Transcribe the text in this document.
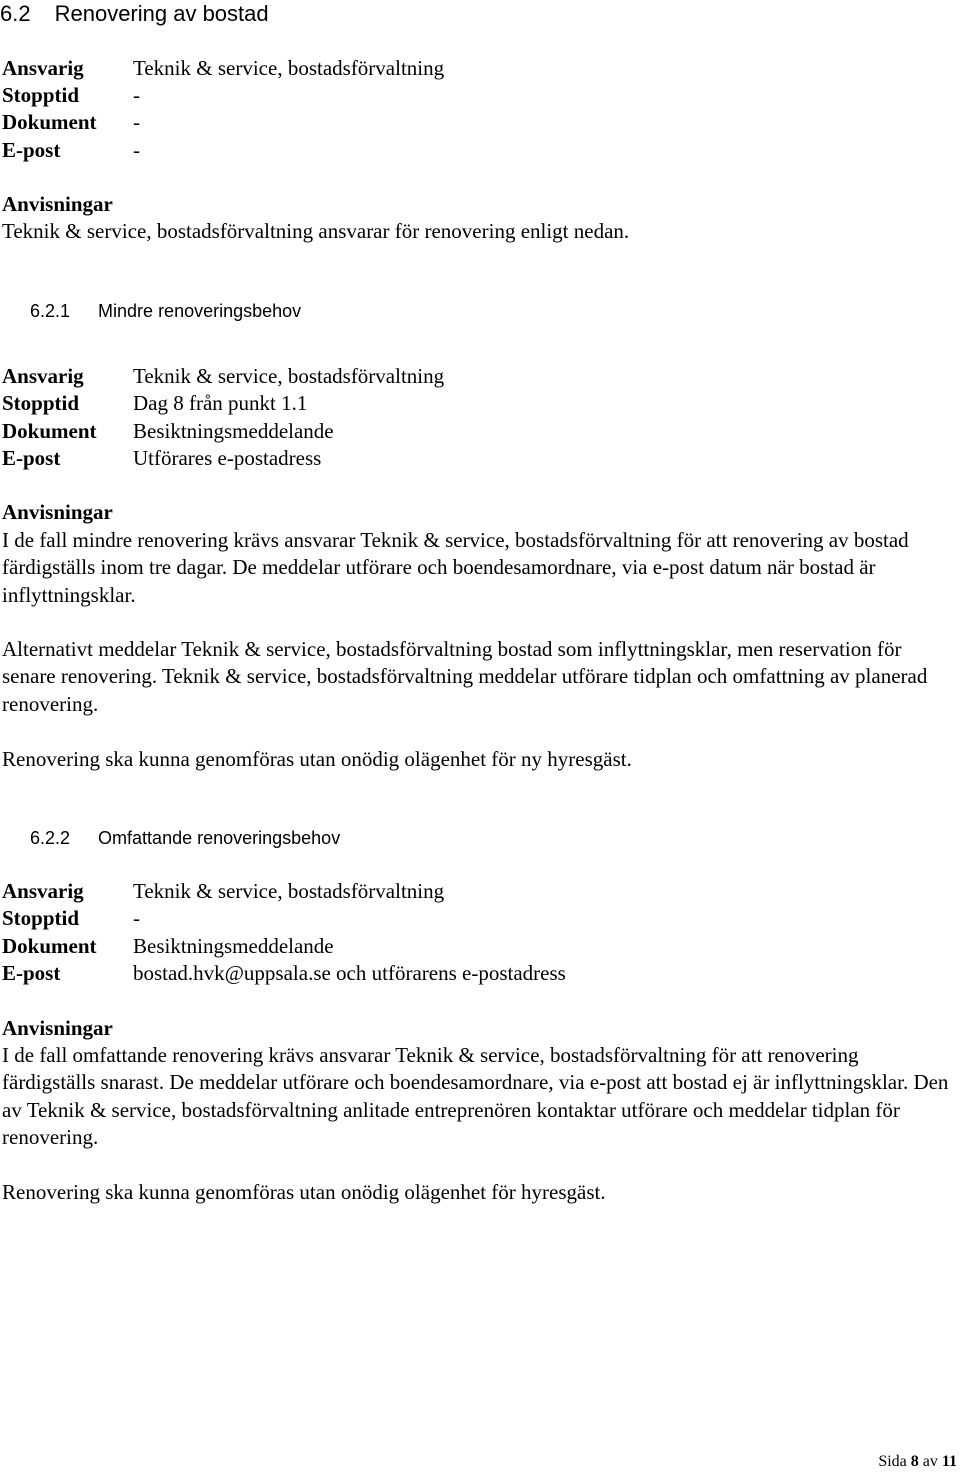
6.2 Renovering av bostad
Ansvarig Teknik & service, bostadsförvaltning
Stopptid	-
Dokument -
E-post	-
Anvisningar
Teknik & service, bostadsförvaltning ansvarar för renovering enligt nedan.
6.2.1 Mindre renoveringsbehov
Ansvarig Teknik & service, bostadsförvaltning
Stopptid	Dag 8 från punkt 1.1
Dokument Besiktningsmeddelande
E-post	Utförares e-postadress
Anvisningar

I de fall mindre renovering krävs ansvarar Teknik & service, bostadsförvaltning för att renovering av bostad färdigställs inom tre dagar. De meddelar utförare och boendesamordnare, via e-post datum när bostad är inflyttningsklar.

Alternativt meddelar Teknik & service, bostadsförvaltning bostad som inflyttningsklar, men reservation för senare renovering. Teknik & service, bostadsförvaltning meddelar utförare tidplan och omfattning av planerad renovering.

Renovering ska kunna genomföras utan onödig olägenhet för ny hyresgäst.

6.2.2 Omfattande renoveringsbehov
Ansvarig Teknik & service, bostadsförvaltning
Stopptid	-
Dokument Besiktningsmeddelande
E-post	bostad.hvk@uppsala.se och utförarens e-postadress
Anvisningar

I de fall omfattande renovering krävs ansvarar Teknik & service, bostadsförvaltning för att renovering färdigställs snarast. De meddelar utförare och boendesamordnare, via e-post att bostad ej är inflyttningsklar. Den av Teknik & service, bostadsförvaltning anlitade entreprenören kontaktar utförare och meddelar tidplan för renovering.

Renovering ska kunna genomföras utan onödig olägenhet för hyresgäst.

Sida 8 av 11
